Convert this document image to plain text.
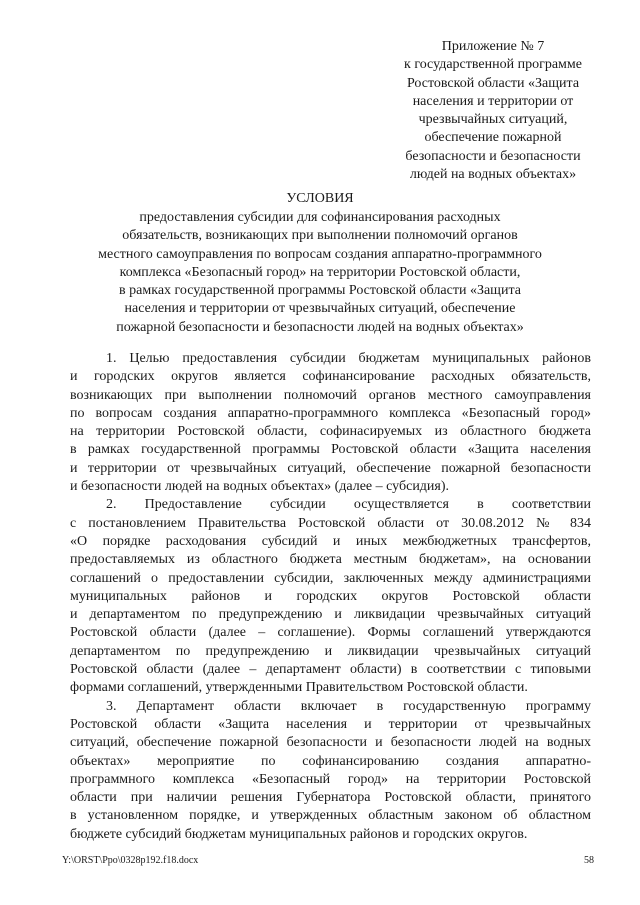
Приложение № 7
к государственной программе
Ростовской области «Защита
населения и территории от
чрезвычайных ситуаций,
обеспечение пожарной
безопасности и безопасности
людей на водных объектах»
УСЛОВИЯ
предоставления субсидии для софинансирования расходных
обязательств, возникающих при выполнении полномочий органов
местного самоуправления по вопросам создания аппаратно-программного
комплекса «Безопасный город» на территории Ростовской области,
в рамках государственной программы Ростовской области «Защита
населения и территории от чрезвычайных ситуаций, обеспечение
пожарной безопасности и безопасности людей на водных объектах»
1. Целью предоставления субсидии бюджетам муниципальных районов
и городских округов является софинансирование расходных обязательств,
возникающих при выполнении полномочий органов местного самоуправления
по вопросам создания аппаратно-программного комплекса «Безопасный город»
на территории Ростовской области, софинасируемых из областного бюджета
в рамках государственной программы Ростовской области «Защита населения
и территории от чрезвычайных ситуаций, обеспечение пожарной безопасности
и безопасности людей на водных объектах» (далее – субсидия).
2. Предоставление субсидии осуществляется в соответствии
с постановлением Правительства Ростовской области от 30.08.2012 № 834
«О порядке расходования субсидий и иных межбюджетных трансфертов,
предоставляемых из областного бюджета местным бюджетам», на основании
соглашений о предоставлении субсидии, заключенных между администрациями
муниципальных районов и городских округов Ростовской области
и департаментом по предупреждению и ликвидации чрезвычайных ситуаций
Ростовской области (далее – соглашение). Формы соглашений утверждаются
департаментом по предупреждению и ликвидации чрезвычайных ситуаций
Ростовской области (далее – департамент области) в соответствии с типовыми
формами соглашений, утвержденными Правительством Ростовской области.
3. Департамент области включает в государственную программу
Ростовской области «Защита населения и территории от чрезвычайных
ситуаций, обеспечение пожарной безопасности и безопасности людей на водных
объектах» мероприятие по софинансированию создания аппаратно-
программного комплекса «Безопасный город» на территории Ростовской
области при наличии решения Губернатора Ростовской области, принятого
в установленном порядке, и утвержденных областным законом об областном
бюджете субсидий бюджетам муниципальных районов и городских округов.
Y:\ORST\Ppo\0328p192.f18.docx	58
